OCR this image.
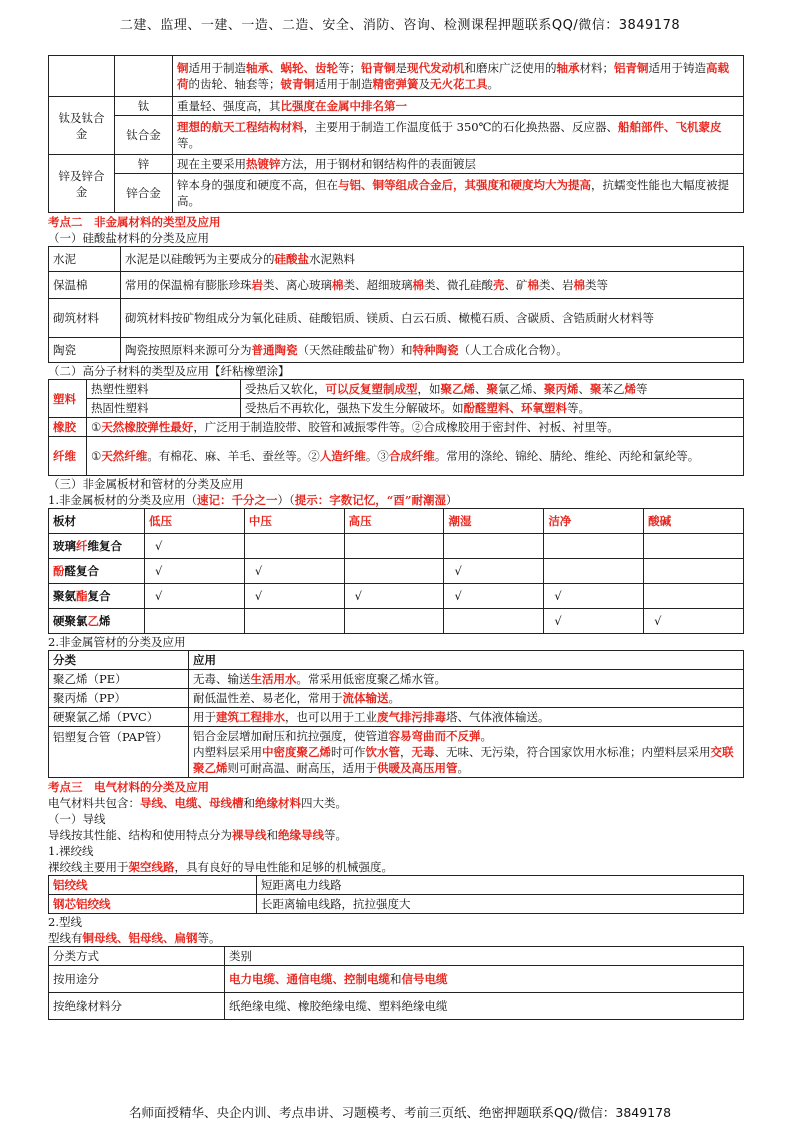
二建、监理、一建、一造、二造、安全、消防、咨询、检测课程押题联系QQ/微信：3849178
		铜适用于制造轴承、蜗轮、齿轮等；铅青铜是现代发动机和磨床广泛使用的轴承材料；铝青铜适用于铸造高载荷的齿轮、轴套等；铍青铜适用于制造精密弹簧及无火花工具。
钛及钛合金	钛	重量轻、强度高，其比强度在金属中排名第一
	钛合金	理想的航天工程结构材料，主要用于制造工作温度低于 350℃的石化换热器、反应器、船舶部件、飞机蒙皮等。
锌及锌合金	锌	现在主要采用热镀锌方法，用于钢材和钢结构件的表面镀层
	锌合金	锌本身的强度和硬度不高，但在与铝、铜等组成合金后，其强度和硬度均大为提高，抗蠕变性能也大幅度被提高。
考点二　非金属材料的类型及应用
（一）硅酸盐材料的分类及应用
水泥	水泥是以硅酸钙为主要成分的硅酸盐水泥熟料
保温棉	常用的保温棉有膨胀珍珠岩类、离心玻璃棉类、超细玻璃棉类、微孔硅酸壳、矿棉类、岩棉类等
砌筑材料	砌筑材料按矿物组成分为氧化硅质、硅酸铝质、镁质、白云石质、橄榄石质、含碳质、含锆质耐火材料等
陶瓷	陶瓷按照原料来源可分为普通陶瓷（天然硅酸盐矿物）和特种陶瓷（人工合成化合物）。
（二）高分子材料的类型及应用【纤粘橡塑涂】
塑料	热塑性塑料	受热后又软化，可以反复塑制成型，如聚乙烯、聚氯乙烯、聚丙烯、聚苯乙烯等
	热固性塑料	受热后不再软化，强热下发生分解破坏。如酚醛塑料、环氧塑料等。
橡胶	①天然橡胶弹性最好，广泛用于制造胶带、胶管和减振零件等。②合成橡胶用于密封件、衬板、衬里等。	
纤维	①天然纤维。有棉花、麻、羊毛、蚕丝等。②人造纤维。③合成纤维。常用的涤纶、锦纶、腈纶、维纶、丙纶和氯纶等。	
（三）非金属板材和管材的分类及应用
1.非金属板材的分类及应用（速记：千分之一）（提示：字数记忆，“酉”耐潮湿）
板材	低压	中压	高压	潮湿	洁净	酸碱
玻璃纤维复合	√					
酚醛复合	√	√		√		
聚氨酯复合	√	√	√	√	√	
硬聚氯乙烯					√	√
2.非金属管材的分类及应用
分类	应用
聚乙烯（PE）	无毒、输送生活用水。常采用低密度聚乙烯水管。
聚丙烯（PP）	耐低温性差、易老化，常用于流体输送。
硬聚氯乙烯（PVC）	用于建筑工程排水，也可以用于工业废气排污排毒塔、气体液体输送。
铝塑复合管（PAP管）	铝合金层增加耐压和抗拉强度，使管道容易弯曲而不反弹。
内塑料层采用中密度聚乙烯时可作饮水管，无毒、无味、无污染，符合国家饮用水标准；内塑料层采用交联聚乙烯则可耐高温、耐高压，适用于供暖及高压用管。
考点三　电气材料的分类及应用
电气材料共包含：导线、电缆、母线槽和绝缘材料四大类。
（一）导线
导线按其性能、结构和使用特点分为裸导线和绝缘导线等。
1.裸绞线
裸绞线主要用于架空线路，具有良好的导电性能和足够的机械强度。
铝绞线	短距离电力线路
钢芯铝绞线	长距离输电线路，抗拉强度大
2.型线
型线有铜母线、铝母线、扁钢等。
分类方式	类别
按用途分	电力电缆、通信电缆、控制电缆和信号电缆
按绝缘材料分	纸绝缘电缆、橡胶绝缘电缆、塑料绝缘电缆
名师面授精华、央企内训、考点串讲、习题模考、考前三页纸、绝密押题联系QQ/微信：3849178
